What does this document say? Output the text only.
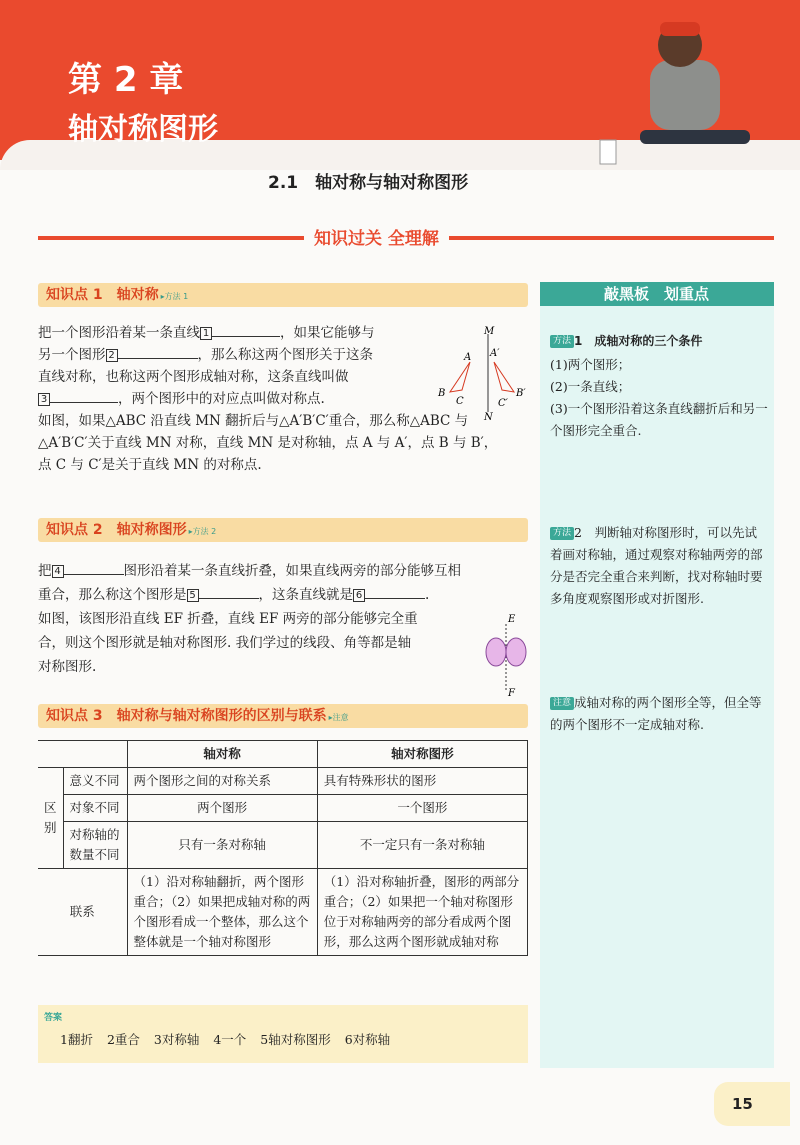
第 2 章
轴对称图形
2.1　轴对称与轴对称图形
知识过关 全理解
知识点 1　轴对称 ▸方法 1
把一个图形沿着某一条直线 1	，如果它能够与
另一个图形 2	，那么称这两个图形关于这条
直线对称，也称这两个图形成轴对称，这条直线叫做
3	，两个图形中的对应点叫做对称点.
如图，如果△ABC 沿直线 MN 翻折后与△A′B′C′重合，那么称△ABC 与
△A′B′C′关于直线 MN 对称，直线 MN 是对称轴，点 A 与 A′，点 B 与 B′，
点 C 与 C′是关于直线 MN 的对称点.
M
N
A
B
C
A′
B′
C′
知识点 2　轴对称图形 ▸方法 2
把 4	图形沿着某一条直线折叠，如果直线两旁的部分能够互相
重合，那么称这个图形是 5	，这条直线就是 6	.
如图，该图形沿直线 EF 折叠，直线 EF 两旁的部分能够完全重
合，则这个图形就是轴对称图形. 我们学过的线段、角等都是轴
对称图形.
E
F
知识点 3　轴对称与轴对称图形的区别与联系 ▸注意
		轴对称	轴对称图形
区别	意义不同	两个图形之间的对称关系	具有特殊形状的图形
	对象不同	两个图形	一个图形
	对称轴的数量不同	只有一条对称轴	不一定只有一条对称轴
联系		（1）沿对称轴翻折，两个图形重合；（2）如果把成轴对称的两个图形看成一个整体，那么这个整体就是一个轴对称图形	（1）沿对称轴折叠，图形的两部分重合；（2）如果把一个轴对称图形位于对称轴两旁的部分看成两个图形，那么这两个图形就成轴对称
答案
1翻折 2重合 3对称轴 4一个 5轴对称图形 6对称轴
敲黑板　划重点
方法 1　成轴对称的三个条件
(1)两个图形；
(2)一条直线；
(3)一个图形沿着这条直线翻折后和另一个图形完全重合.
方法 2　判断轴对称图形时，可以先试着画对称轴，通过观察对称轴两旁的部分是否完全重合来判断，找对称轴时要多角度观察图形或对折图形.
注意 成轴对称的两个图形全等，但全等的两个图形不一定成轴对称.
15
